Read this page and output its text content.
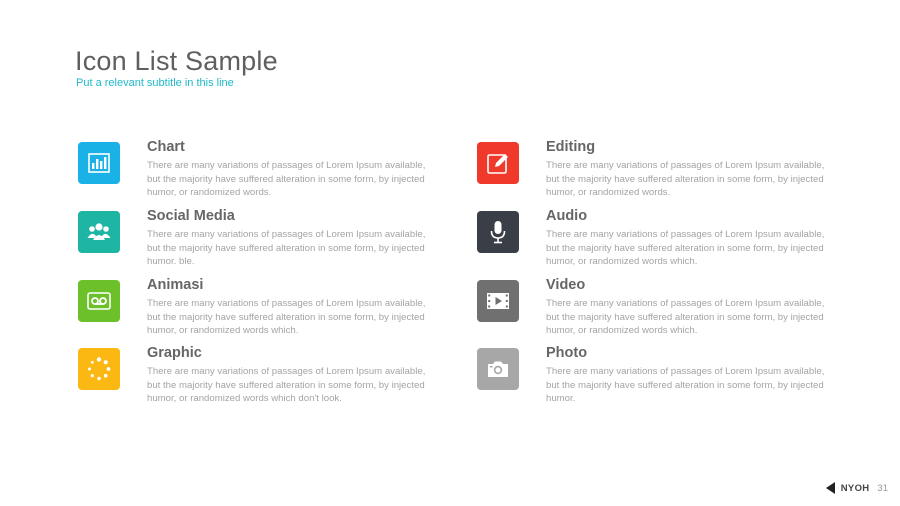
Icon List Sample
Put a relevant subtitle in this line
Chart
There are many variations of passages of Lorem Ipsum available, but the majority have suffered alteration in some form, by injected humor, or randomized words.
Social Media
There are many variations of passages of Lorem Ipsum available, but the majority have suffered alteration in some form, by injected humor. ble.
Animasi
There are many variations of passages of Lorem Ipsum available, but the majority have suffered alteration in some form, by injected humor, or randomized words which.
Graphic
There are many variations of passages of Lorem Ipsum available, but the majority have suffered alteration in some form, by injected humor, or randomized words which don't look.
Editing
There are many variations of passages of Lorem Ipsum available, but the majority have suffered alteration in some form, by injected humor, or randomized words.
Audio
There are many variations of passages of Lorem Ipsum available, but the majority have suffered alteration in some form, by injected humor, or randomized words which.
Video
There are many variations of passages of Lorem Ipsum available, but the majority have suffered alteration in some form, by injected humor, or randomized words which.
Photo
There are many variations of passages of Lorem Ipsum available, but the majority have suffered alteration in some form, by injected humor.
NYOH 31
